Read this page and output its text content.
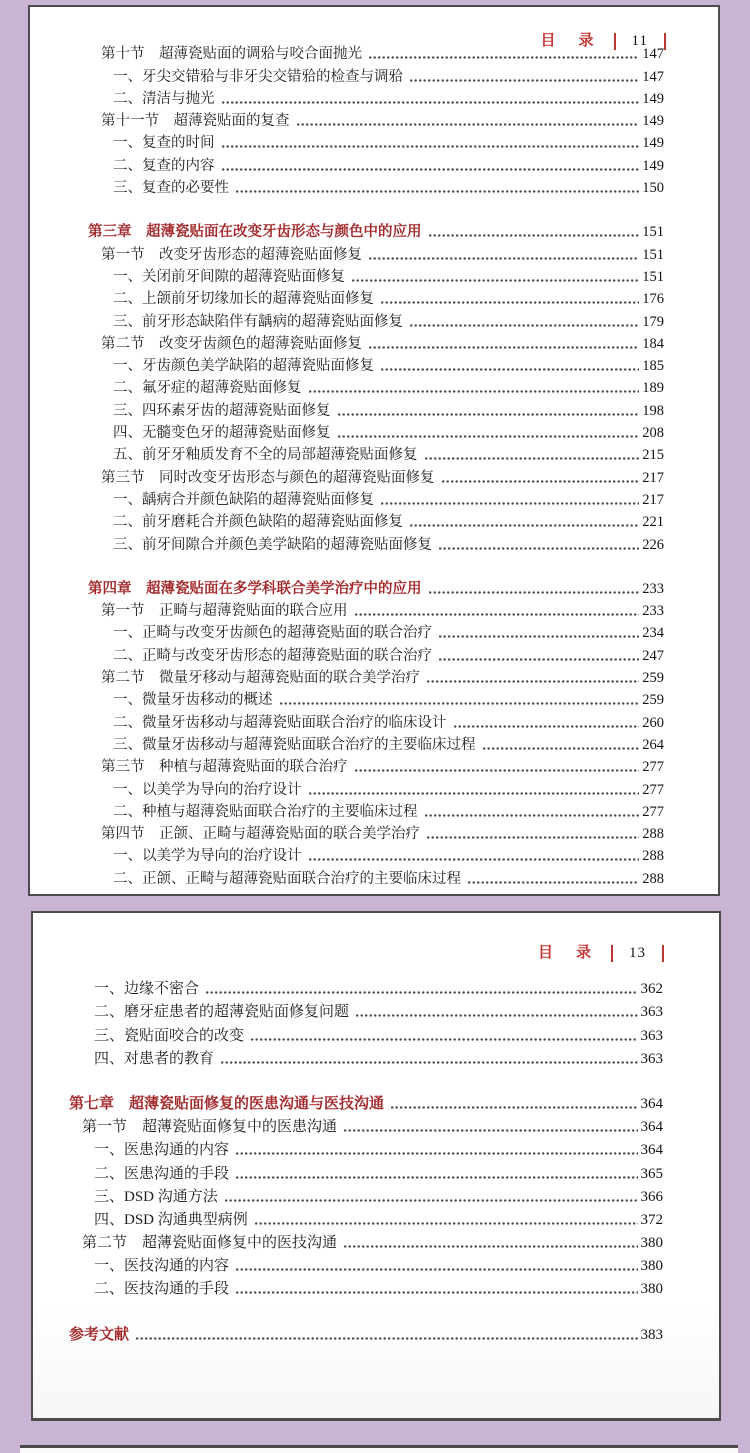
目　录 11
第十节　超薄瓷贴面的调𬌗与咬合面抛光	147
一、牙尖交错𬌗与非牙尖交错𬌗的检查与调𬌗	147
二、清洁与抛光	149
第十一节　超薄瓷贴面的复查	149
一、复查的时间	149
二、复查的内容	149
三、复查的必要性	150
第三章　超薄瓷贴面在改变牙齿形态与颜色中的应用	151
第一节　改变牙齿形态的超薄瓷贴面修复	151
一、关闭前牙间隙的超薄瓷贴面修复	151
二、上颌前牙切缘加长的超薄瓷贴面修复	176
三、前牙形态缺陷伴有龋病的超薄瓷贴面修复	179
第二节　改变牙齿颜色的超薄瓷贴面修复	184
一、牙齿颜色美学缺陷的超薄瓷贴面修复	185
二、氟牙症的超薄瓷贴面修复	189
三、四环素牙齿的超薄瓷贴面修复	198
四、无髓变色牙的超薄瓷贴面修复	208
五、前牙牙釉质发育不全的局部超薄瓷贴面修复	215
第三节　同时改变牙齿形态与颜色的超薄瓷贴面修复	217
一、龋病合并颜色缺陷的超薄瓷贴面修复	217
二、前牙磨耗合并颜色缺陷的超薄瓷贴面修复	221
三、前牙间隙合并颜色美学缺陷的超薄瓷贴面修复	226
第四章　超薄瓷贴面在多学科联合美学治疗中的应用	233
第一节　正畸与超薄瓷贴面的联合应用	233
一、正畸与改变牙齿颜色的超薄瓷贴面的联合治疗	234
二、正畸与改变牙齿形态的超薄瓷贴面的联合治疗	247
第二节　微量牙移动与超薄瓷贴面的联合美学治疗	259
一、微量牙齿移动的概述	259
二、微量牙齿移动与超薄瓷贴面联合治疗的临床设计	260
三、微量牙齿移动与超薄瓷贴面联合治疗的主要临床过程	264
第三节　种植与超薄瓷贴面的联合治疗	277
一、以美学为导向的治疗设计	277
二、种植与超薄瓷贴面联合治疗的主要临床过程	277
第四节　正颌、正畸与超薄瓷贴面的联合美学治疗	288
一、以美学为导向的治疗设计	288
二、正颌、正畸与超薄瓷贴面联合治疗的主要临床过程	288
目　录 13
一、边缘不密合	362
二、磨牙症患者的超薄瓷贴面修复问题	363
三、瓷贴面咬合的改变	363
四、对患者的教育	363
第七章　超薄瓷贴面修复的医患沟通与医技沟通	364
第一节　超薄瓷贴面修复中的医患沟通	364
一、医患沟通的内容	364
二、医患沟通的手段	365
三、DSD 沟通方法	366
四、DSD 沟通典型病例	372
第二节　超薄瓷贴面修复中的医技沟通	380
一、医技沟通的内容	380
二、医技沟通的手段	380
参考文献	383
